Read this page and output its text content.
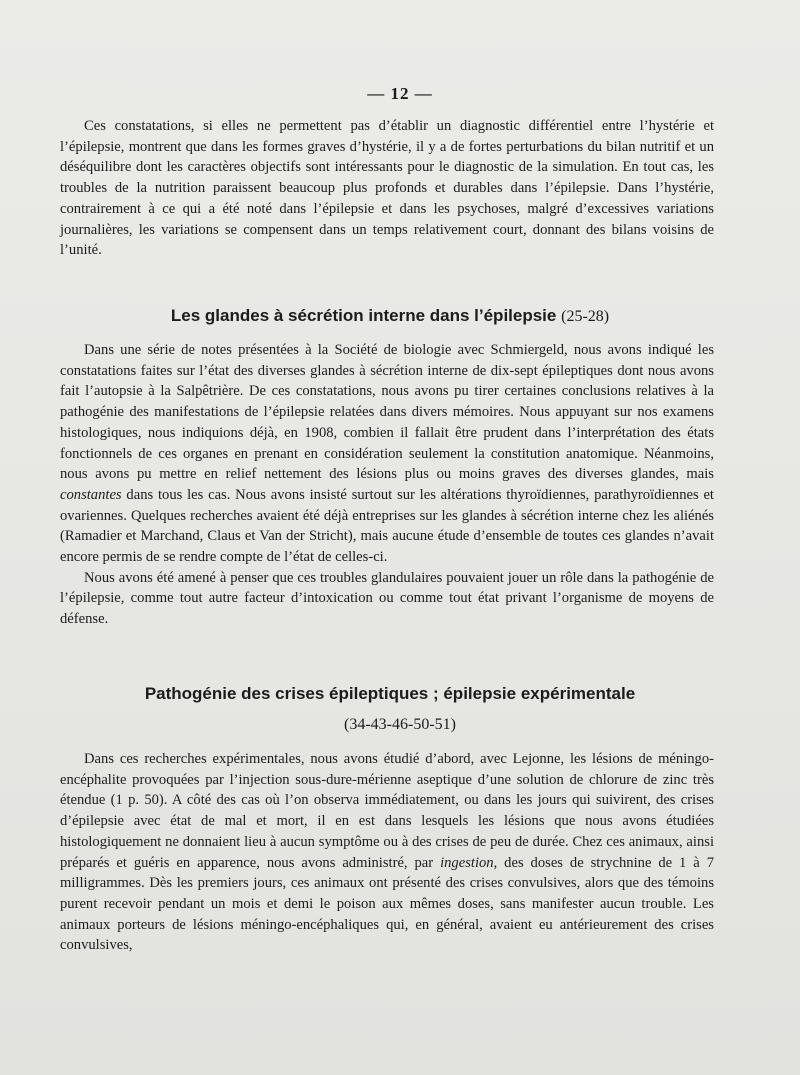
— 12 —

Ces constatations, si elles ne permettent pas d’établir un diagnostic différentiel entre l’hystérie et l’épilepsie, montrent que dans les formes graves d’hystérie, il y a de fortes perturbations du bilan nutritif et un déséquilibre dont les caractères objectifs sont intéressants pour le diagnostic de la simulation. En tout cas, les troubles de la nutrition paraissent beaucoup plus profonds et durables dans l’épilepsie. Dans l’hystérie, contrairement à ce qui a été noté dans l’épilepsie et dans les psychoses, malgré d’excessives variations journalières, les variations se compensent dans un temps relativement court, donnant des bilans voisins de l’unité.

Les glandes à sécrétion interne dans l’épilepsie (25-28)

Dans une série de notes présentées à la Société de biologie avec Schmiergeld, nous avons indiqué les constatations faites sur l’état des diverses glandes à sécrétion interne de dix-sept épileptiques dont nous avons fait l’autopsie à la Salpêtrière. De ces constatations, nous avons pu tirer certaines conclusions relatives à la pathogénie des manifestations de l’épilepsie relatées dans divers mémoires. Nous appuyant sur nos examens histologiques, nous indiquions déjà, en 1908, combien il fallait être prudent dans l’interprétation des états fonctionnels de ces organes en prenant en considération seulement la constitution anatomique. Néanmoins, nous avons pu mettre en relief nettement des lésions plus ou moins graves des diverses glandes, mais constantes dans tous les cas. Nous avons insisté surtout sur les altérations thyroïdiennes, parathyroïdiennes et ovariennes. Quelques recherches avaient été déjà entreprises sur les glandes à sécrétion interne chez les aliénés (Ramadier et Marchand, Claus et Van der Stricht), mais aucune étude d’ensemble de toutes ces glandes n’avait encore permis de se rendre compte de l’état de celles-ci.

Nous avons été amené à penser que ces troubles glandulaires pouvaient jouer un rôle dans la pathogénie de l’épilepsie, comme tout autre facteur d’intoxication ou comme tout état privant l’organisme de moyens de défense.

Pathogénie des crises épileptiques ; épilepsie expérimentale
(34-43-46-50-51)

Dans ces recherches expérimentales, nous avons étudié d’abord, avec Lejonne, les lésions de méningo-encéphalite provoquées par l’injection sous-dure-mérienne aseptique d’une solution de chlorure de zinc très étendue (1 p. 50). A côté des cas où l’on observa immédiatement, ou dans les jours qui suivirent, des crises d’épilepsie avec état de mal et mort, il en est dans lesquels les lésions que nous avons étudiées histologiquement ne donnaient lieu à aucun symptôme ou à des crises de peu de durée. Chez ces animaux, ainsi préparés et guéris en apparence, nous avons administré, par ingestion, des doses de strychnine de 1 à 7 milligrammes. Dès les premiers jours, ces animaux ont présenté des crises convulsives, alors que des témoins purent recevoir pendant un mois et demi le poison aux mêmes doses, sans manifester aucun trouble. Les animaux porteurs de lésions méningo-encéphaliques qui, en général, avaient eu antérieurement des crises convulsives,
